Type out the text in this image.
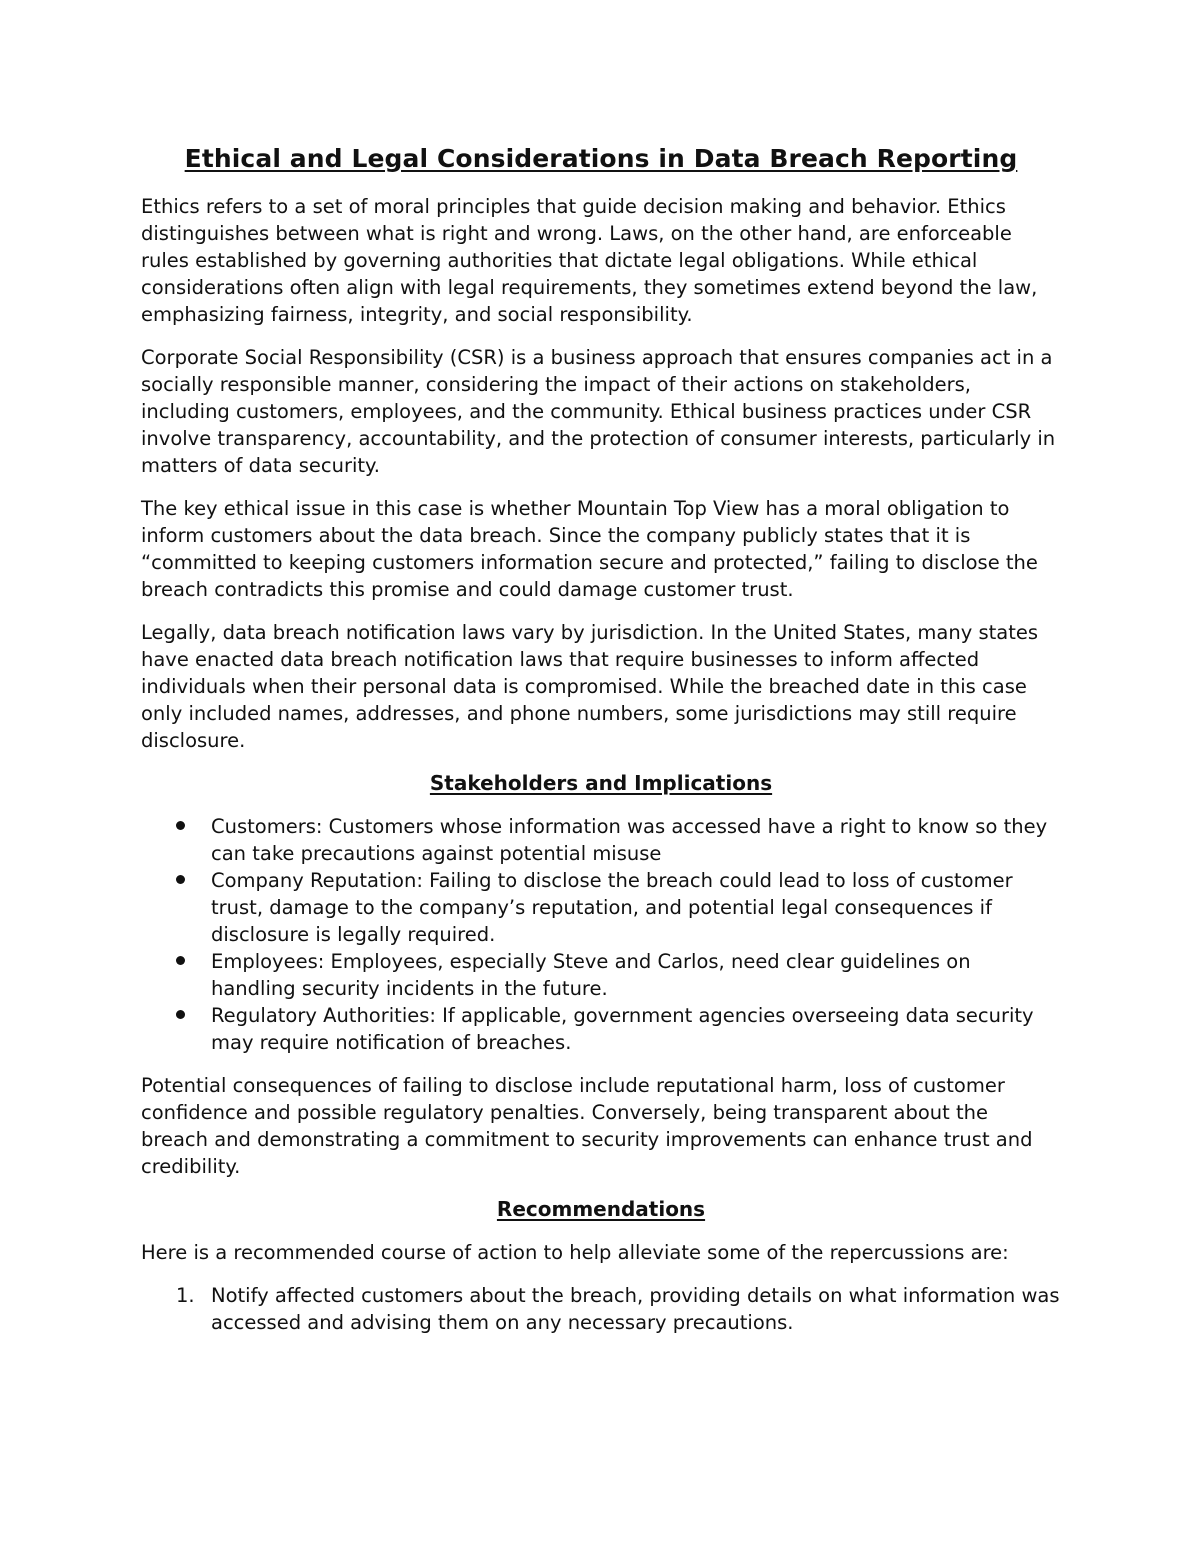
Ethical and Legal Considerations in Data Breach Reporting

Ethics refers to a set of moral principles that guide decision making and behavior. Ethics distinguishes between what is right and wrong. Laws, on the other hand, are enforceable rules established by governing authorities that dictate legal obligations. While ethical considerations often align with legal requirements, they sometimes extend beyond the law, emphasizing fairness, integrity, and social responsibility.

Corporate Social Responsibility (CSR) is a business approach that ensures companies act in a socially responsible manner, considering the impact of their actions on stakeholders, including customers, employees, and the community. Ethical business practices under CSR involve transparency, accountability, and the protection of consumer interests, particularly in matters of data security.

The key ethical issue in this case is whether Mountain Top View has a moral obligation to inform customers about the data breach. Since the company publicly states that it is “committed to keeping customers information secure and protected,” failing to disclose the breach contradicts this promise and could damage customer trust.

Legally, data breach notification laws vary by jurisdiction. In the United States, many states have enacted data breach notification laws that require businesses to inform affected individuals when their personal data is compromised. While the breached date in this case only included names, addresses, and phone numbers, some jurisdictions may still require disclosure.

Stakeholders and Implications
Customers: Customers whose information was accessed have a right to know so they can take precautions against potential misuse
Company Reputation: Failing to disclose the breach could lead to loss of customer trust, damage to the company’s reputation, and potential legal consequences if disclosure is legally required.
Employees: Employees, especially Steve and Carlos, need clear guidelines on handling security incidents in the future.
Regulatory Authorities: If applicable, government agencies overseeing data security may require notification of breaches.

Potential consequences of failing to disclose include reputational harm, loss of customer confidence and possible regulatory penalties. Conversely, being transparent about the breach and demonstrating a commitment to security improvements can enhance trust and credibility.

Recommendations

Here is a recommended course of action to help alleviate some of the repercussions are:

1. Notify affected customers about the breach, providing details on what information was accessed and advising them on any necessary precautions.
